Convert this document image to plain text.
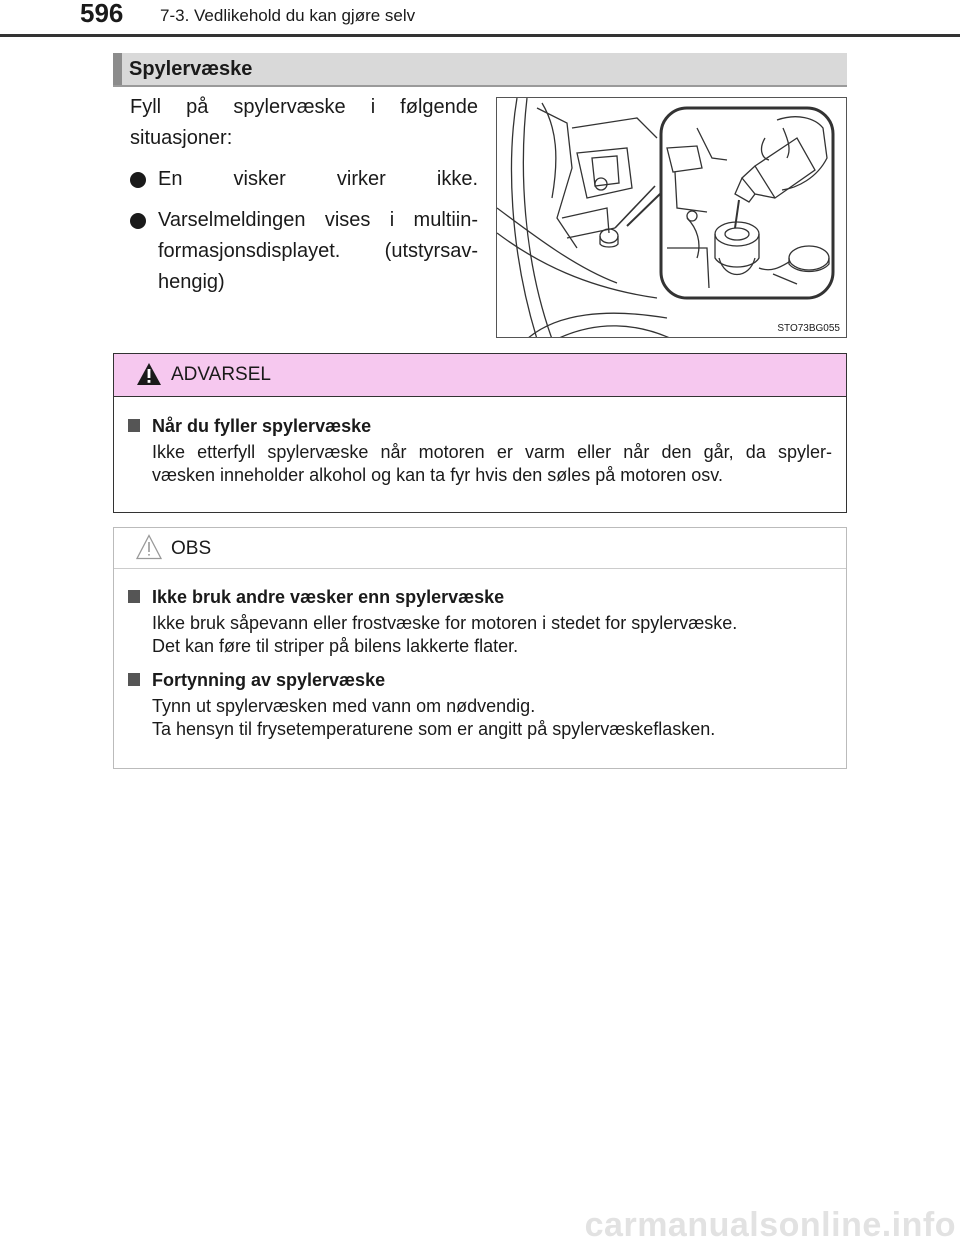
596 7-3. Vedlikehold du kan gjøre selv
Spylervæske

Fyll på spylervæske i følgende

situasjoner:

En visker virker ikke.

Varselmeldingen vises i multiin-

formasjonsdisplayet. (utstyrsav-

hengig)

STO73BG055
ADVARSEL
Når du fyller spylervæske
Ikke etterfyll spylervæske når motoren er varm eller når den går, da spyler-
væsken inneholder alkohol og kan ta fyr hvis den søles på motoren osv.
OBS
Ikke bruk andre væsker enn spylervæske
Ikke bruk såpevann eller frostvæske for motoren i stedet for spylervæske.
Det kan føre til striper på bilens lakkerte flater.
Fortynning av spylervæske
Tynn ut spylervæsken med vann om nødvendig.
Ta hensyn til frysetemperaturene som er angitt på spylervæskeflasken.
carmanualsonline.info
